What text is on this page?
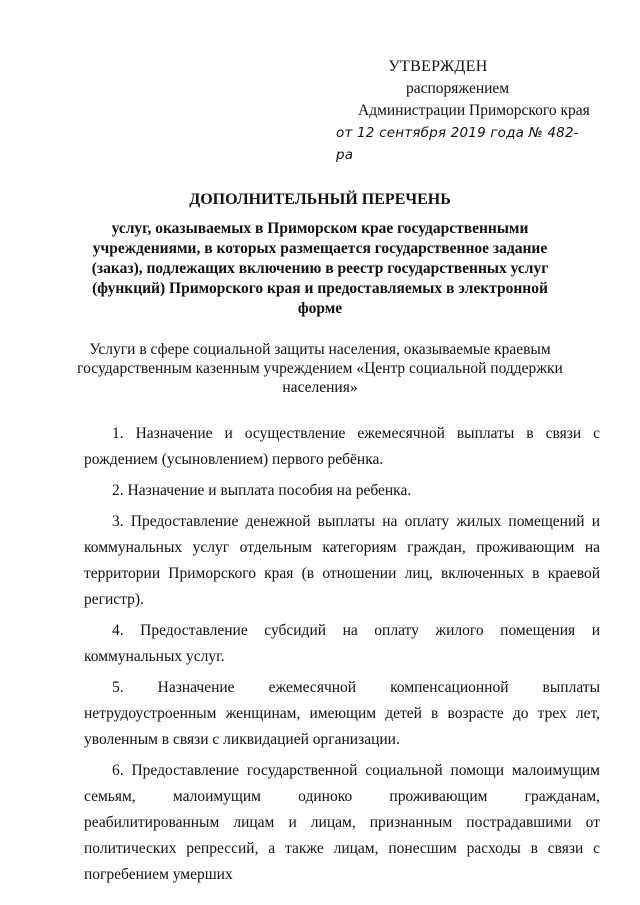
УТВЕРЖДЕН
распоряжением
Администрации Приморского края
от 12 сентября 2019 года № 482-ра
ДОПОЛНИТЕЛЬНЫЙ ПЕРЕЧЕНЬ
услуг, оказываемых в Приморском крае государственными учреждениями, в которых размещается государственное задание (заказ), подлежащих включению в реестр государственных услуг (функций) Приморского края и предоставляемых в электронной форме
Услуги в сфере социальной защиты населения, оказываемые краевым государственным казенным учреждением «Центр социальной поддержки населения»

1. Назначение и осуществление ежемесячной выплаты в связи с рождением (усыновлением) первого ребёнка.

2. Назначение и выплата пособия на ребенка.

3. Предоставление денежной выплаты на оплату жилых помещений и коммунальных услуг отдельным категориям граждан, проживающим на территории Приморского края (в отношении лиц, включенных в краевой регистр).

4. Предоставление субсидий на оплату жилого помещения и коммунальных услуг.

5. Назначение ежемесячной компенсационной выплаты нетрудоустроенным женщинам, имеющим детей в возрасте до трех лет, уволенным в связи с ликвидацией организации.

6. Предоставление государственной социальной помощи малоимущим семьям, малоимущим одиноко проживающим гражданам, реабилитированным лицам и лицам, признанным пострадавшими от политических репрессий, а также лицам, понесшим расходы в связи с погребением умерших
